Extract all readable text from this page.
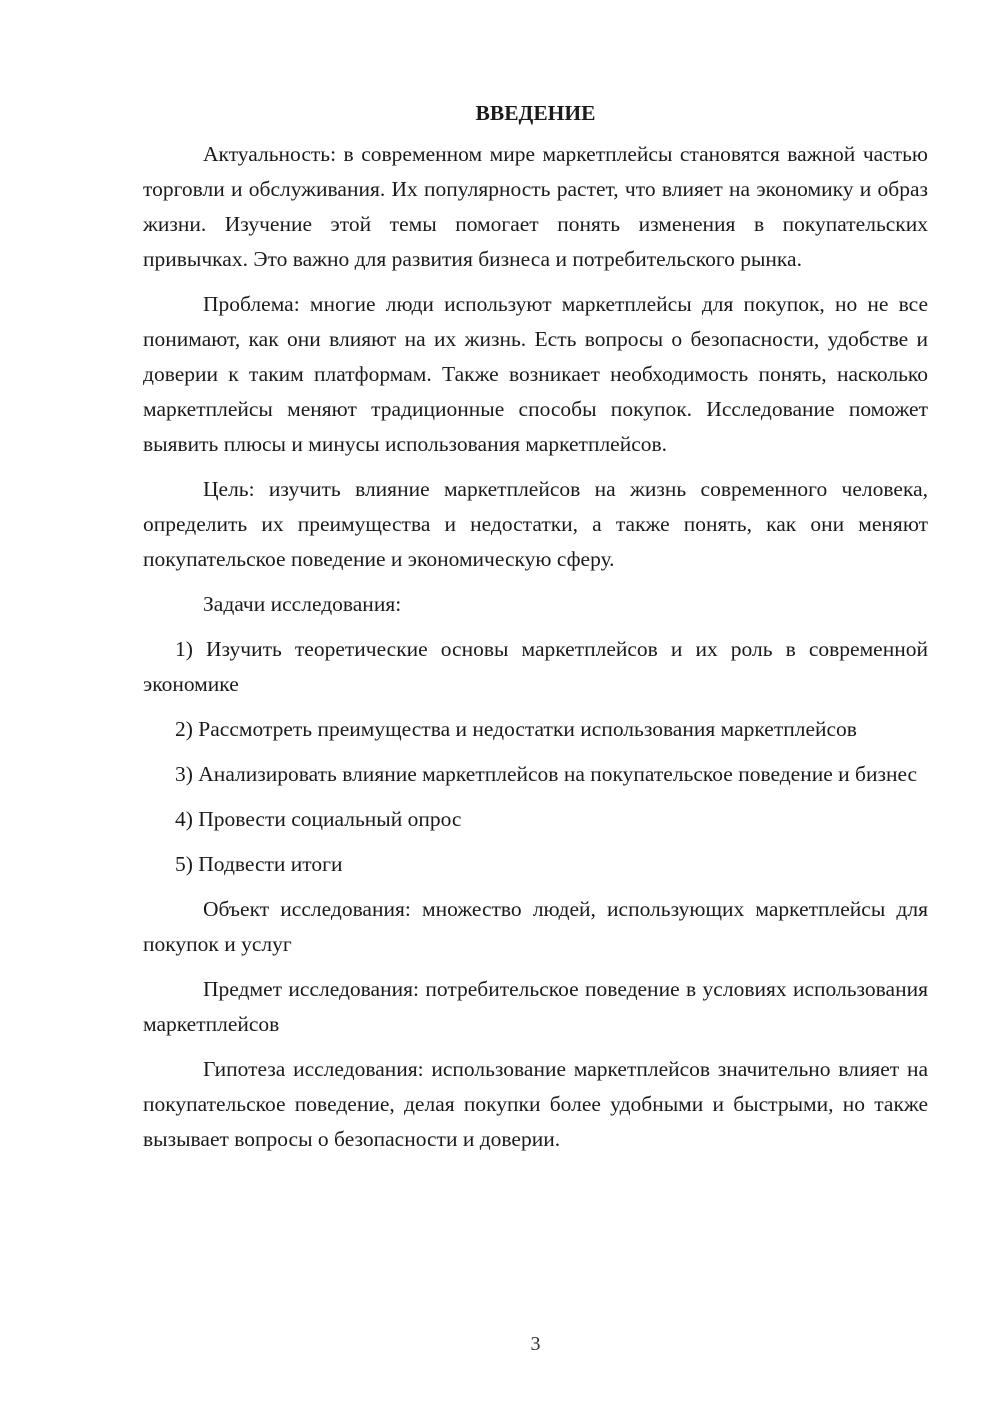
ВВЕДЕНИЕ

Актуальность: в современном мире маркетплейсы становятся важной частью торговли и обслуживания. Их популярность растет, что влияет на экономику и образ жизни. Изучение этой темы помогает понять изменения в покупательских привычках. Это важно для развития бизнеса и потребительского рынка.

Проблема: многие люди используют маркетплейсы для покупок, но не все понимают, как они влияют на их жизнь. Есть вопросы о безопасности, удобстве и доверии к таким платформам. Также возникает необходимость понять, насколько маркетплейсы меняют традиционные способы покупок. Исследование поможет выявить плюсы и минусы использования маркетплейсов.

Цель: изучить влияние маркетплейсов на жизнь современного человека, определить их преимущества и недостатки, а также понять, как они меняют покупательское поведение и экономическую сферу.

Задачи исследования:

1) Изучить теоретические основы маркетплейсов и их роль в современной экономике

2) Рассмотреть преимущества и недостатки использования маркетплейсов

3) Анализировать влияние маркетплейсов на покупательское поведение и бизнес

4) Провести социальный опрос

5) Подвести итоги

Объект исследования: множество людей, использующих маркетплейсы для покупок и услуг

Предмет исследования: потребительское поведение в условиях использования маркетплейсов

Гипотеза исследования: использование маркетплейсов значительно влияет на покупательское поведение, делая покупки более удобными и быстрыми, но также вызывает вопросы о безопасности и доверии.

3
